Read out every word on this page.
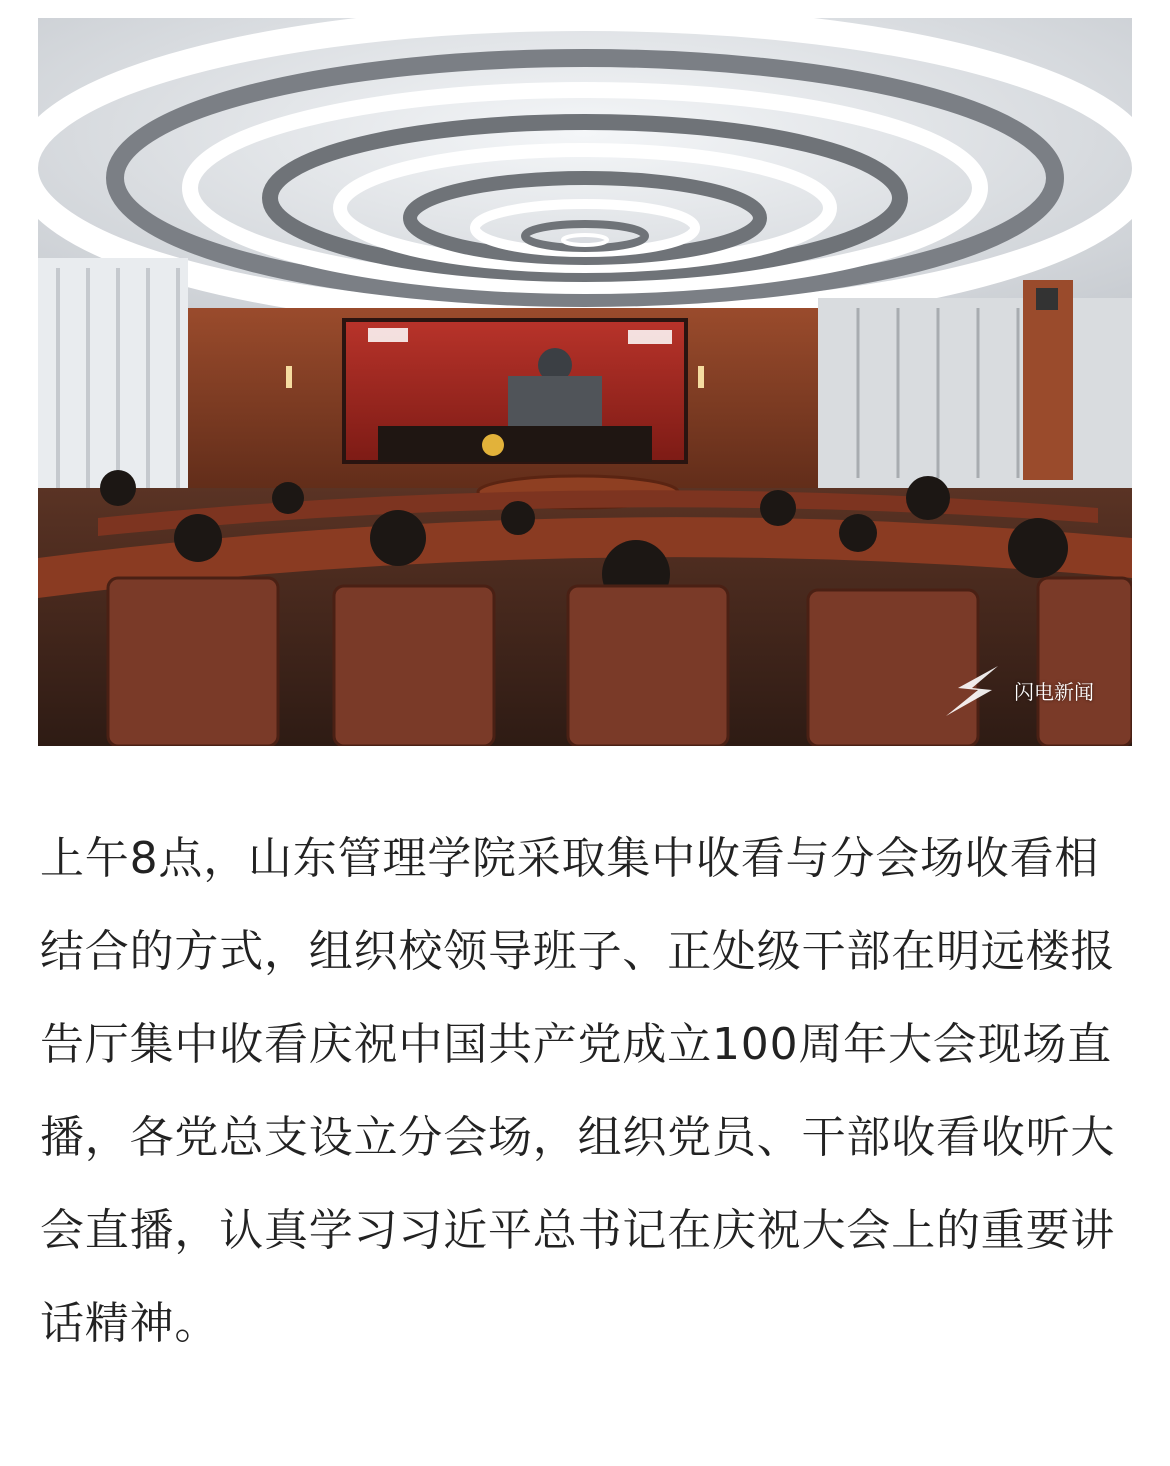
闪电新闻

上午8点，山东管理学院采取集中收看与分会场收看相结合的方式，组织校领导班子、正处级干部在明远楼报告厅集中收看庆祝中国共产党成立100周年大会现场直播，各党总支设立分会场，组织党员、干部收看收听大会直播，认真学习习近平总书记在庆祝大会上的重要讲话精神。
